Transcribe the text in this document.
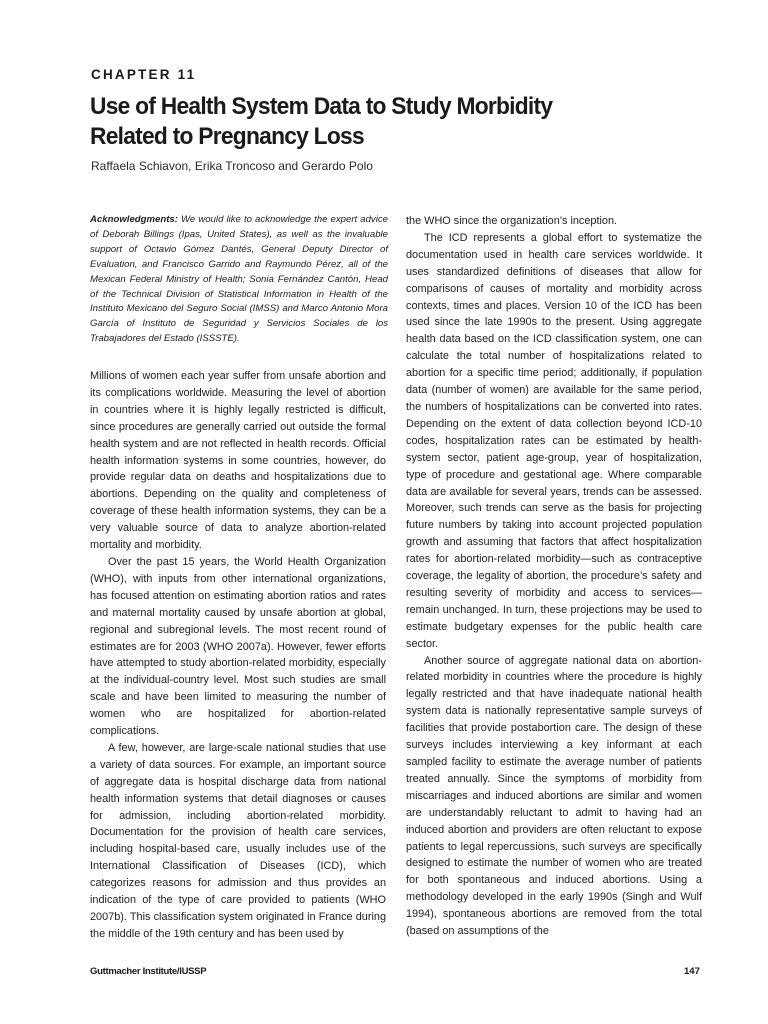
CHAPTER 11
Use of Health System Data to Study Morbidity
Related to Pregnancy Loss
Raffaela Schiavon, Erika Troncoso and Gerardo Polo

Acknowledgments: We would like to acknowledge the expert advice of Deborah Billings (Ipas, United States), as well as the invaluable support of Octavio Gómez Dantés, General Deputy Director of Evaluation, and Francisco Garrido and Raymundo Pérez, all of the Mexican Federal Ministry of Health; Sonia Fernández Cantón, Head of the Technical Division of Statistical Information in Health of the Instituto Mexicano del Seguro Social (IMSS) and Marco Antonio Mora García of Instituto de Seguridad y Servicios Sociales de los Trabajadores del Estado (ISSSTE).

Millions of women each year suffer from unsafe abortion and its complications worldwide. Measuring the level of abortion in countries where it is highly legally restricted is difficult, since procedures are generally carried out outside the formal health system and are not reflected in health records. Official health information systems in some countries, however, do provide regular data on deaths and hospitalizations due to abortions. Depending on the quality and completeness of coverage of these health information systems, they can be a very valuable source of data to analyze abortion-related mortality and morbidity.

Over the past 15 years, the World Health Organization (WHO), with inputs from other international organizations, has focused attention on estimating abortion ratios and rates and maternal mortality caused by unsafe abortion at global, regional and subregional levels. The most recent round of estimates are for 2003 (WHO 2007a). However, fewer efforts have attempted to study abortion-related morbidity, especially at the individual-country level. Most such studies are small scale and have been limited to measuring the number of women who are hospitalized for abortion-related complications.

A few, however, are large-scale national studies that use a variety of data sources. For example, an important source of aggregate data is hospital discharge data from national health information systems that detail diagnoses or causes for admission, including abortion-related morbidity. Documentation for the provision of health care services, including hospital-based care, usually includes use of the International Classification of Diseases (ICD), which categorizes reasons for admission and thus provides an indication of the type of care provided to patients (WHO 2007b). This classification system originated in France during the middle of the 19th century and has been used by

the WHO since the organization’s inception.

The ICD represents a global effort to systematize the documentation used in health care services worldwide. It uses standardized definitions of diseases that allow for comparisons of causes of mortality and morbidity across contexts, times and places. Version 10 of the ICD has been used since the late 1990s to the present. Using aggregate health data based on the ICD classification system, one can calculate the total number of hospitalizations related to abortion for a specific time period; additionally, if population data (number of women) are available for the same period, the numbers of hospitalizations can be converted into rates. Depending on the extent of data collection beyond ICD-10 codes, hospitalization rates can be estimated by health-system sector, patient age-group, year of hospitalization, type of procedure and gestational age. Where comparable data are available for several years, trends can be assessed. Moreover, such trends can serve as the basis for projecting future numbers by taking into account projected population growth and assuming that factors that affect hospitalization rates for abortion-related morbidity—such as contraceptive coverage, the legality of abortion, the procedure’s safety and resulting severity of morbidity and access to services—remain unchanged. In turn, these projections may be used to estimate budgetary expenses for the public health care sector.

Another source of aggregate national data on abortion-related morbidity in countries where the procedure is highly legally restricted and that have inadequate national health system data is nationally representative sample surveys of facilities that provide postabortion care. The design of these surveys includes interviewing a key informant at each sampled facility to estimate the average number of patients treated annually. Since the symptoms of morbidity from miscarriages and induced abortions are similar and women are understandably reluctant to admit to having had an induced abortion and providers are often reluctant to expose patients to legal repercussions, such surveys are specifically designed to estimate the number of women who are treated for both spontaneous and induced abortions. Using a methodology developed in the early 1990s (Singh and Wulf 1994), spontaneous abortions are removed from the total (based on assumptions of the

Guttmacher Institute/IUSSP	147
